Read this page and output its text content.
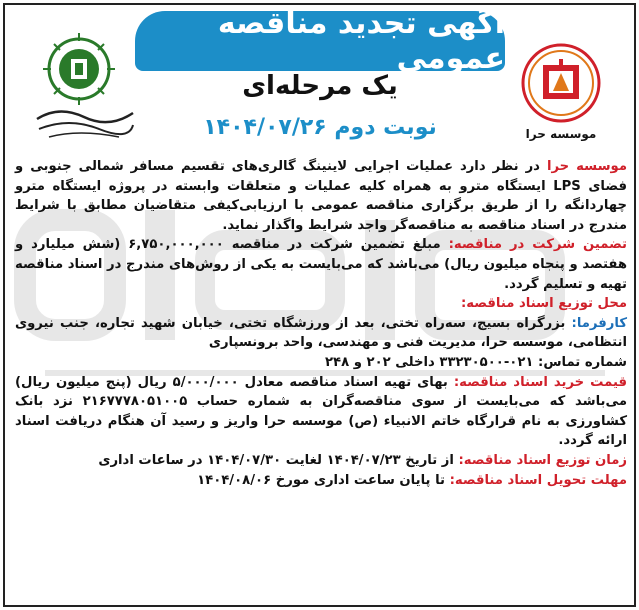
آگهی تجدید مناقصه عمومی
یک مرحله‌ای
نوبت دوم ۱۴۰۴/۰۷/۲۶	موسسه حرا

موسسه حرا در نظر دارد عملیات اجرایی لاینینگ گالری‌های تقسیم مسافر شمالی جنوبی و فضای LPS ایستگاه مترو به همراه کلیه عملیات و متعلقات وابسته در پروژه ایستگاه مترو چهاردانگه را از طریق برگزاری مناقصه عمومی با ارزیابی‌کیفی متقاضیان مطابق با شرایط مندرج در اسناد مناقصه به مناقصه‌گر واجد شرایط واگذار نماید.

تضمین شرکت در مناقصه: مبلغ تضمین شرکت در مناقصه ۶,۷۵۰,۰۰۰,۰۰۰ (شش میلیارد و هفتصد و پنجاه میلیون ریال) می‌باشد که می‌بایست به یکی از روش‌های مندرج در اسناد مناقصه تهیه و تسلیم گردد.

محل توزیع اسناد مناقصه:

کارفرما: بزرگراه بسیج، سه‌راه تختی، بعد از ورزشگاه تختی، خیابان شهید تجاره، جنب نیروی انتظامی، موسسه حرا، مدیریت فنی و مهندسی، واحد برونسپاری

شماره تماس: ۰۲۱-۳۳۲۳۰۵۰۰ داخلی ۲۰۲ و ۲۴۸

قیمت خرید اسناد مناقصه: بهای تهیه اسناد مناقصه معادل ۵/۰۰۰/۰۰۰ ریال (پنج میلیون ریال) می‌باشد که می‌بایست از سوی مناقصه‌گران به شماره حساب ۲۱۶۷۷۷۸۰۵۱۰۰۵ نزد بانک کشاورزی به نام قرارگاه خاتم الانبیاء (ص) موسسه حرا واریز و رسید آن هنگام دریافت اسناد ارائه گردد.

زمان توزیع اسناد مناقصه: از تاریخ ۱۴۰۴/۰۷/۲۳ لغایت ۱۴۰۴/۰۷/۳۰ در ساعات اداری

مهلت تحویل اسناد مناقصه: تا پایان ساعت اداری مورخ ۱۴۰۴/۰۸/۰۶
